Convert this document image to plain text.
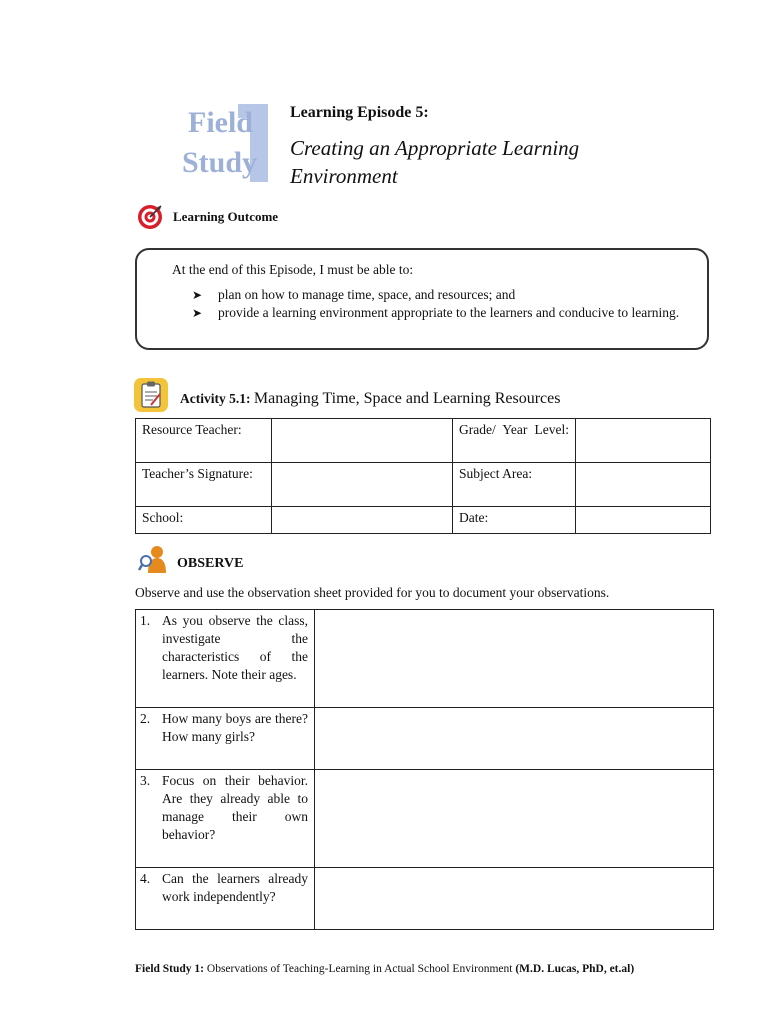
Field
Study
Learning Episode 5:
Creating an Appropriate Learning
Environment
Learning Outcome
At the end of this Episode, I must be able to:
➤ plan on how to manage time, space, and resources; and
➤ provide a learning environment appropriate to the learners and conducive to learning.
Activity 5.1: Managing Time, Space and Learning Resources
Resource Teacher:		Grade/ Year Level:	
Teacher’s Signature:		Subject Area:	
School:		Date:	
OBSERVE
Observe and use the observation sheet provided for you to document your observations.
1. As you observe the class, investigate the characteristics of the learners. Note their ages.	

2. How many boys are there? How many girls?	

3. Focus on their behavior. Are they already able to manage their own behavior?	

4. Can the learners already work independently?	

Field Study 1: Observations of Teaching-Learning in Actual School Environment (M.D. Lucas, PhD, et.al)
